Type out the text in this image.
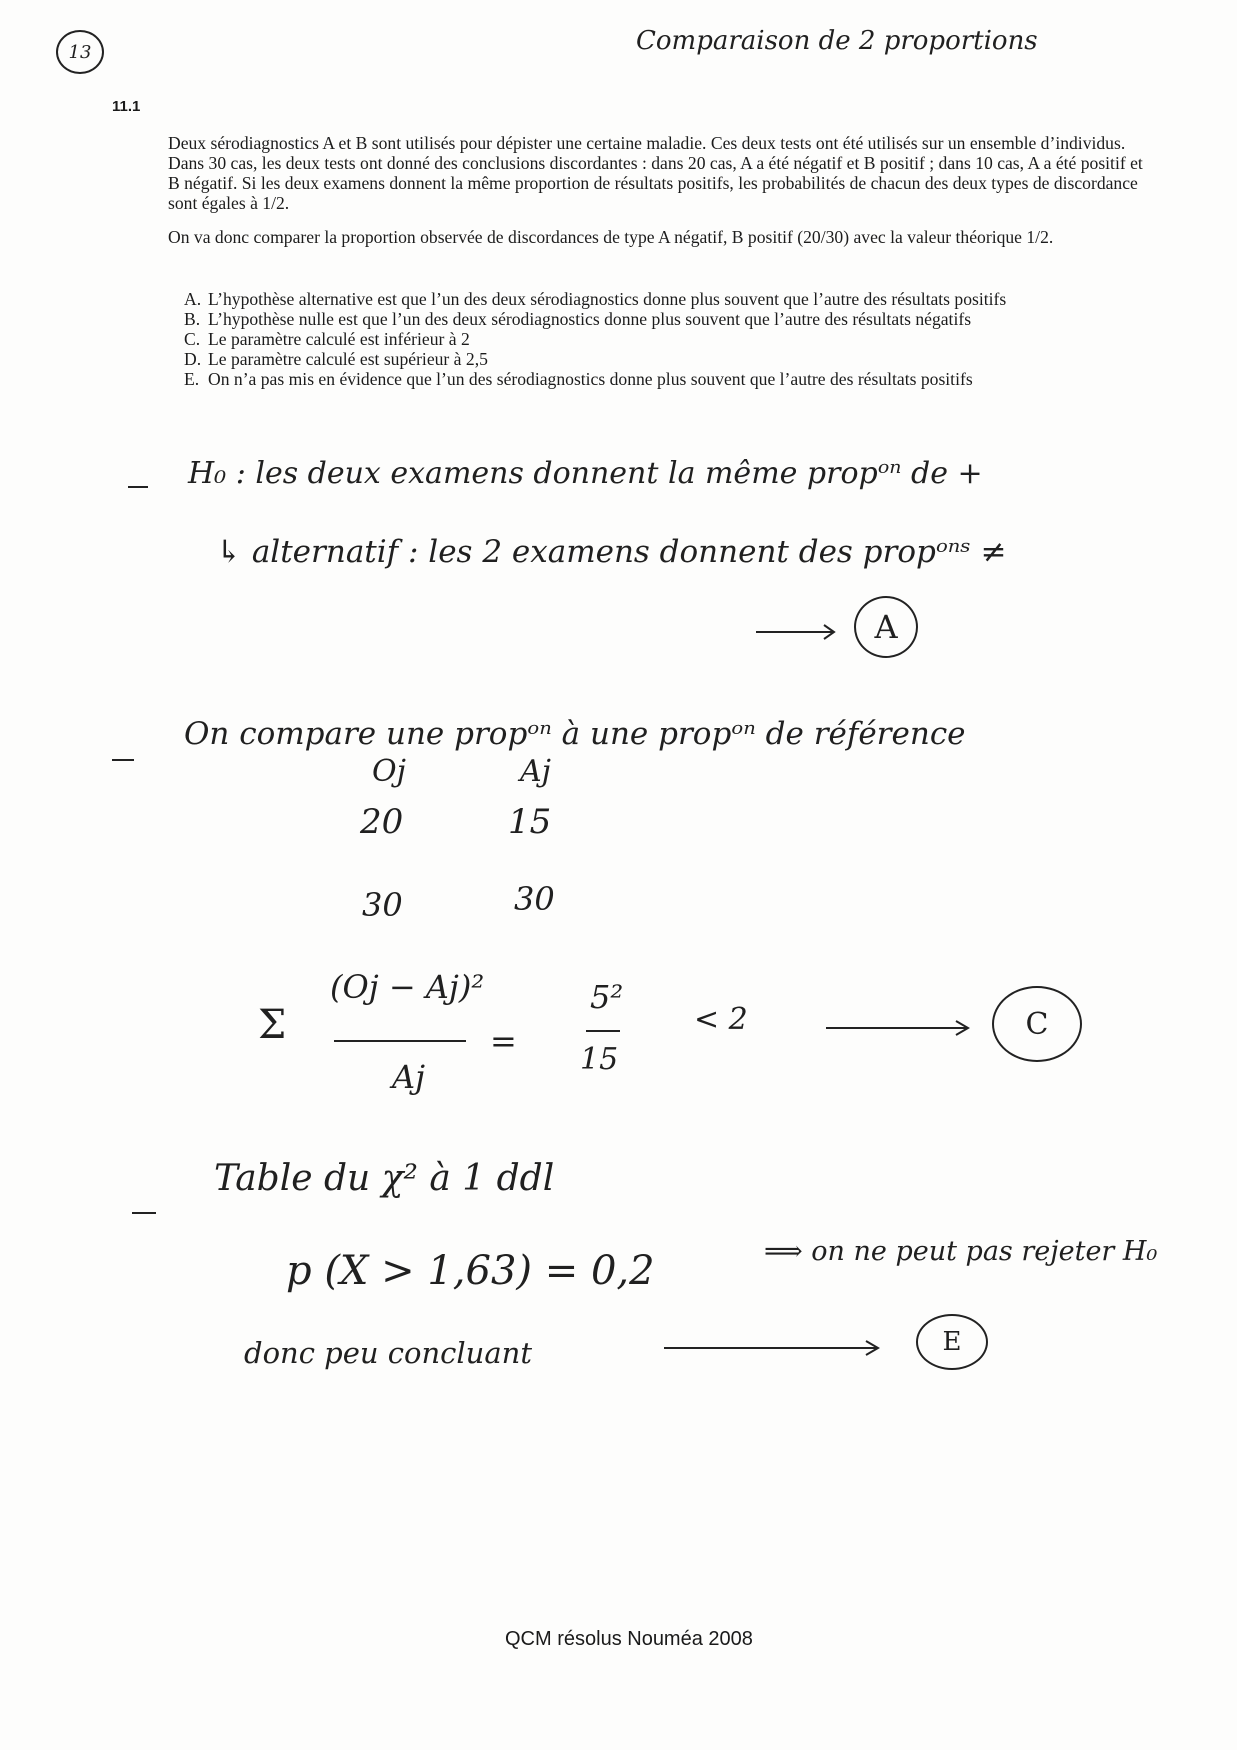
13	Comparaison de 2 proportions
11.1

Deux sérodiagnostics A et B sont utilisés pour dépister une certaine maladie. Ces deux tests ont été utilisés sur un ensemble d’individus. Dans 30 cas, les deux tests ont donné des conclusions discordantes : dans 20 cas, A a été négatif et B positif ; dans 10 cas, A a été positif et B négatif. Si les deux examens donnent la même proportion de résultats positifs, les probabilités de chacun des deux types de discordance sont égales à 1/2.

On va donc comparer la proportion observée de discordances de type A négatif, B positif (20/30) avec la valeur théorique 1/2.

A. L’hypothèse alternative est que l’un des deux sérodiagnostics donne plus souvent que l’autre des résultats positifs
B. L’hypothèse nulle est que l’un des deux sérodiagnostics donne plus souvent que l’autre des résultats négatifs
C. Le paramètre calculé est inférieur à 2
D. Le paramètre calculé est supérieur à 2,5
E. On n’a pas mis en évidence que l’un des sérodiagnostics donne plus souvent que l’autre des résultats positifs
H₀ : les deux examens donnent la même propᵒⁿ de +
↳ alternatif : les 2 examens donnent des propᵒⁿˢ ≠
A
On compare une propᵒⁿ à une propᵒⁿ de référence
Oj	Aj
20	15
30	30
Σ
(Oj − Aj)²
Aj
=
5²
15
< 2	C
Table du χ² à 1 ddl
p (X > 1,63) = 0,2	⟹ on ne peut pas rejeter H₀
donc peu concluant	E
QCM résolus Nouméa 2008
